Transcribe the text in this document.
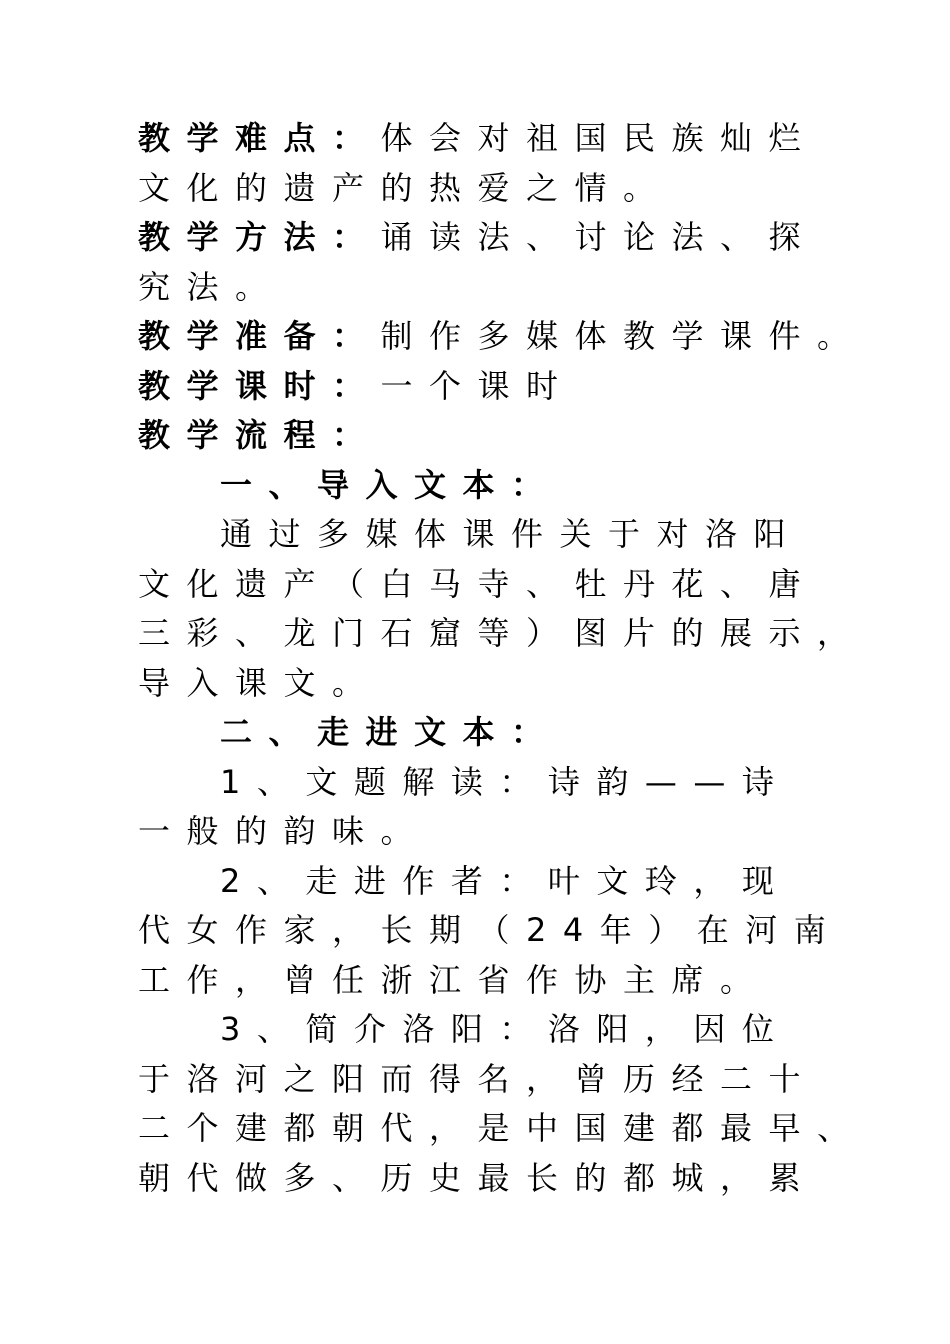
教学难点：体会对祖国民族灿烂
文化的遗产的热爱之情。
教学方法：诵读法、讨论法、探
究法。
教学准备：制作多媒体教学课件。
教学课时：一个课时
教学流程：
一、导入文本：
通过多媒体课件关于对洛阳
文化遗产（白马寺、牡丹花、唐
三彩、龙门石窟等）图片的展示，
导入课文。
二、走进文本：
1、文题解读：诗韵——诗
一般的韵味。
2、走进作者：叶文玲，现
代女作家，长期（24年）在河南
工作，曾任浙江省作协主席。
3、简介洛阳：洛阳，因位
于洛河之阳而得名，曾历经二十
二个建都朝代，是中国建都最早、
朝代做多、历史最长的都城，累
